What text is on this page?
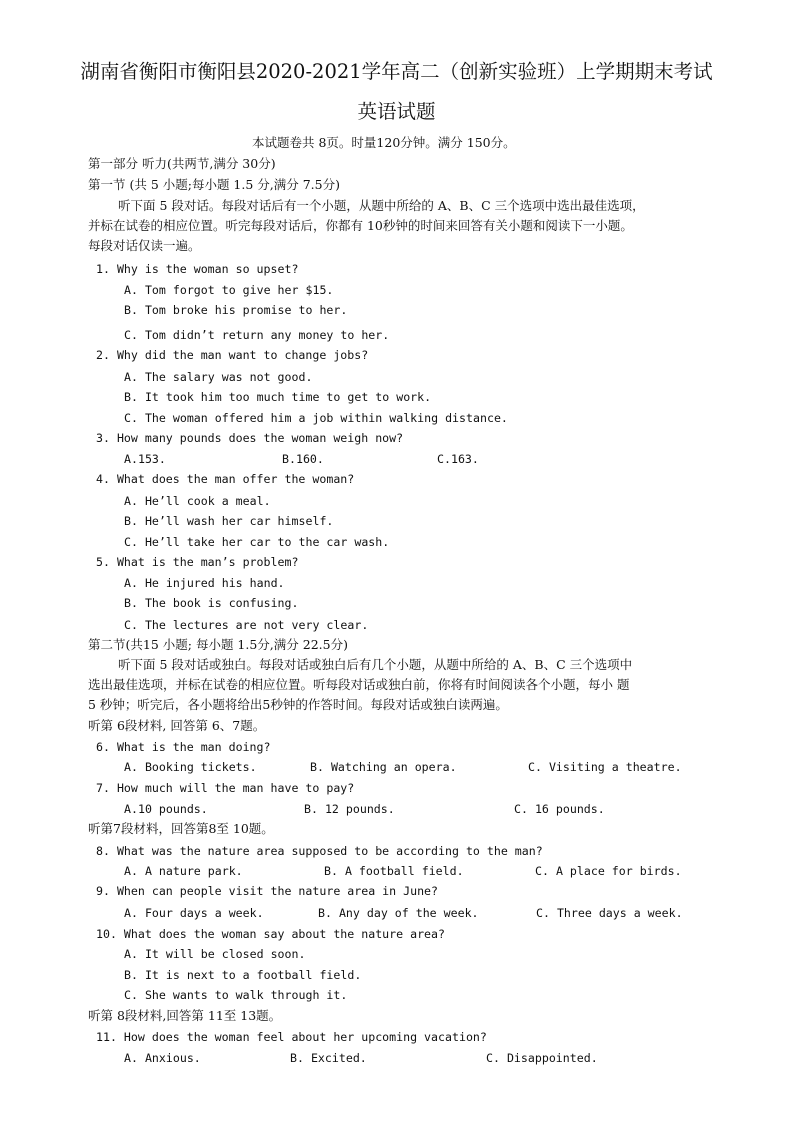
湖南省衡阳市衡阳县2020-2021学年高二（创新实验班）上学期期末考试
英语试题
本试题卷共 8页。时量120分钟。满分 150分。
第一部分 听力(共两节,满分 30分)
第一节 (共 5 小题;每小题 1.5 分,满分 7.5分)
听下面 5 段对话。每段对话后有一个小题，从题中所给的 A、B、C 三个选项中选出最佳选项，
并标在试卷的相应位置。听完每段对话后，你都有 10秒钟的时间来回答有关小题和阅读下一小题。
每段对话仅读一遍。
1. Why is the woman so upset?
A. Tom forgot to give her $15.
B. Tom broke his promise to her.
C. Tom didn’t return any money to her.
2. Why did the man want to change jobs?
A. The salary was not good.
B. It took him too much time to get to work.
C. The woman offered him a job within walking distance.
3. How many pounds does the woman weigh now?
A.153.	B.160.	C.163.
4. What does the man offer the woman?
A. He’ll cook a meal.
B. He’ll wash her car himself.
C. He’ll take her car to the car wash.
5. What is the man’s problem?
A. He injured his hand.
B. The book is confusing.
C. The lectures are not very clear.
第二节(共15 小题; 每小题 1.5分,满分 22.5分)
听下面 5 段对话或独白。每段对话或独白后有几个小题，从题中所给的 A、B、C 三个选项中
选出最佳选项，并标在试卷的相应位置。听每段对话或独白前，你将有时间阅读各个小题，每小 题
5 秒钟；听完后，各小题将给出5秒钟的作答时间。每段对话或独白读两遍。
听第 6段材料, 回答第 6、7题。
6. What is the man doing?
A. Booking tickets.	B. Watching an opera.	C. Visiting a theatre.
7. How much will the man have to pay?
A.10 pounds.	B. 12 pounds.	C. 16 pounds.
听第7段材料，回答第8至 10题。
8. What was the nature area supposed to be according to the man?
A. A nature park.	B. A football field.	C. A place for birds.
9. When can people visit the nature area in June?
A. Four days a week.	B. Any day of the week.	C. Three days a week.
10. What does the woman say about the nature area?
A. It will be closed soon.
B. It is next to a football field.
C. She wants to walk through it.
听第 8段材料,回答第 11至 13题。
11. How does the woman feel about her upcoming vacation?
A. Anxious.	B. Excited.	C. Disappointed.
